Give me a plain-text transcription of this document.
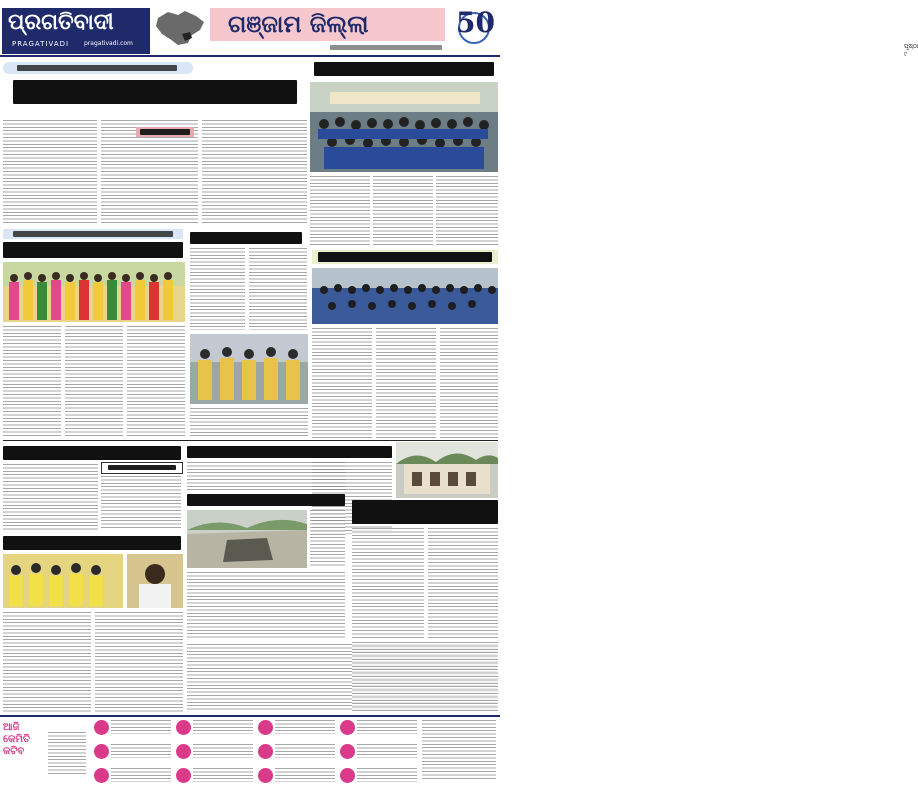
ପ୍ରଗତିବାଦୀ
PRAGATIVADI pragativadi.com
ଗଞ୍ଜାମ ଜିଲ୍ଲା	50
ପୃଷ୍ଠା ୯
ଆଜି କେମିତି କଟିବ
